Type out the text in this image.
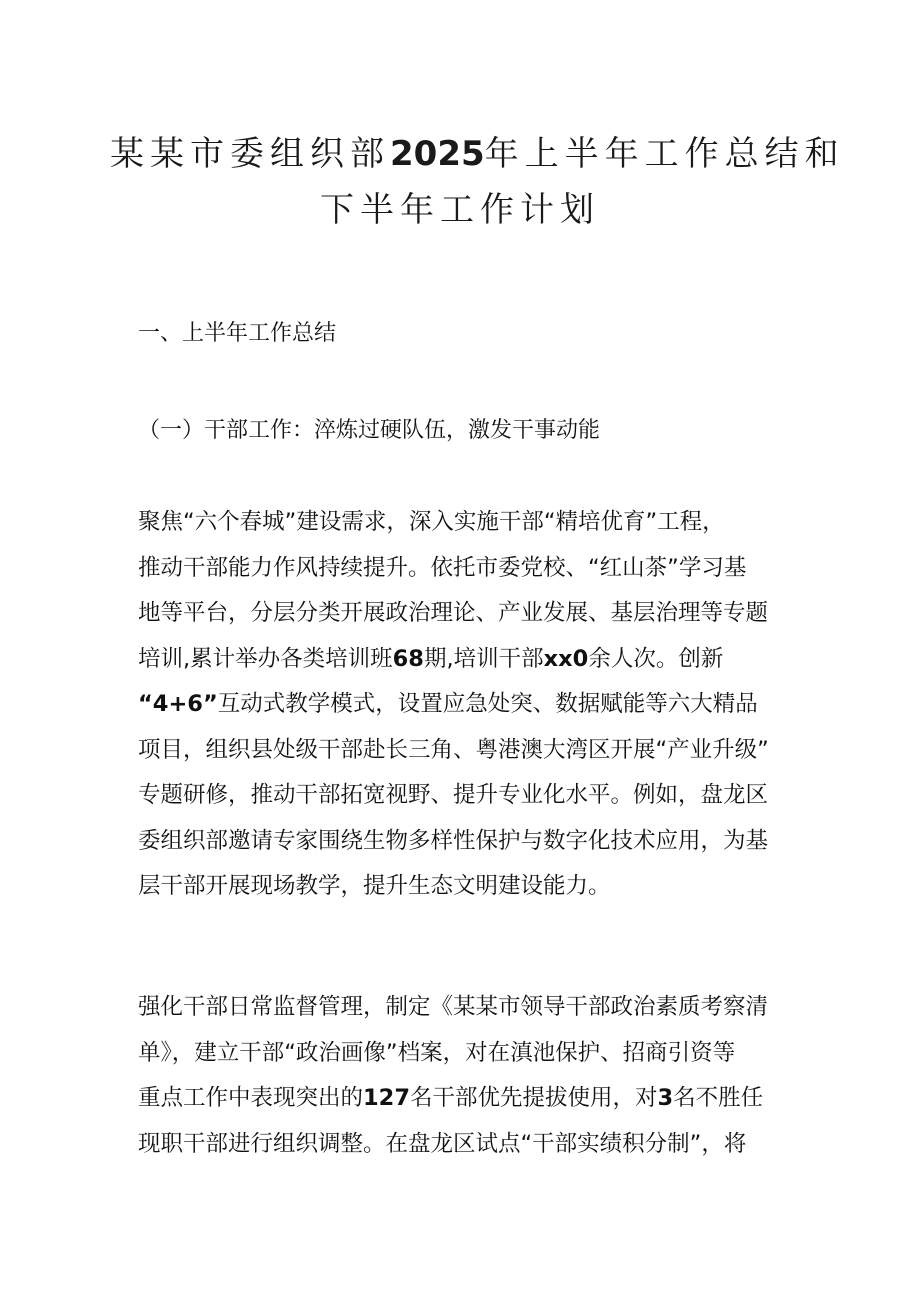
某某市委组织部2025年上半年工作总结和
下半年工作计划
一、上半年工作总结
（一）干部工作：淬炼过硬队伍，激发干事动能
聚焦“六个春城”建设需求，深入实施干部“精培优育”工程，
推动干部能力作风持续提升。依托市委党校、“红山茶”学习基
地等平台，分层分类开展政治理论、产业发展、基层治理等专题
培训,累计举办各类培训班68期,培训干部xx0余人次。创新
“4+6”互动式教学模式，设置应急处突、数据赋能等六大精品
项目，组织县处级干部赴长三角、粤港澳大湾区开展“产业升级”
专题研修，推动干部拓宽视野、提升专业化水平。例如，盘龙区
委组织部邀请专家围绕生物多样性保护与数字化技术应用，为基
层干部开展现场教学，提升生态文明建设能力。
强化干部日常监督管理，制定《某某市领导干部政治素质考察清
单》，建立干部“政治画像”档案，对在滇池保护、招商引资等
重点工作中表现突出的127名干部优先提拔使用，对3名不胜任
现职干部进行组织调整。在盘龙区试点“干部实绩积分制”，将
